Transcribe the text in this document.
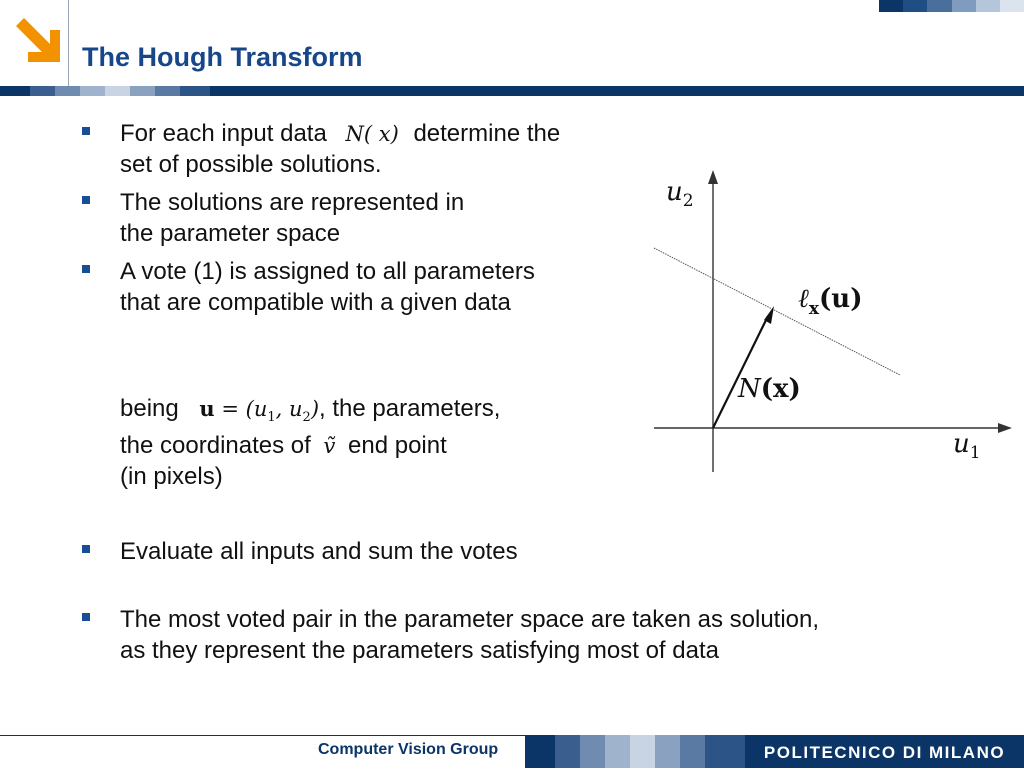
The Hough Transform
For each input data N( x) determine the
set of possible solutions.
The solutions are represented in
the parameter space
A vote (1) is assigned to all parameters
that are compatible with a given data
being $u = (u_1$, $u_2$), the parameters,
the coordinates of ṽ end point
(in pixels)
Evaluate all inputs and sum the votes
The most voted pair in the parameter space are taken as solution,
as they represent the parameters satisfying most of data
$u_2$
$u_1$
ℓ$_x$(u)
N(x)
Computer Vision Group	POLITECNICO DI MILANO
